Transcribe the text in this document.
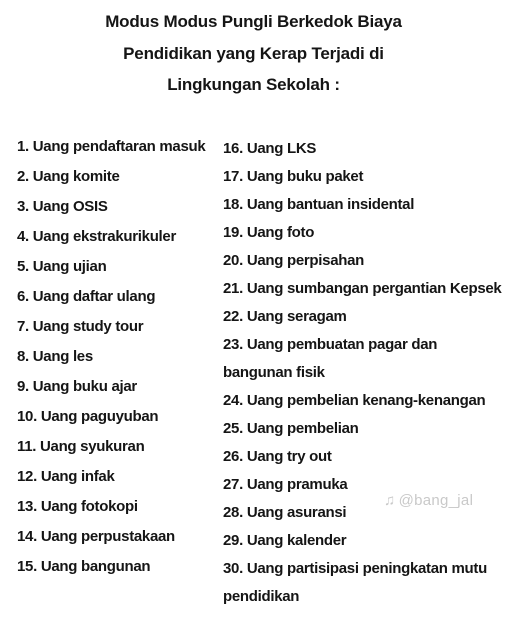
Modus Modus Pungli Berkedok Biaya
Pendidikan yang Kerap Terjadi di
Lingkungan Sekolah :
1. Uang pendaftaran masuk
2. Uang komite
3. Uang OSIS
4. Uang ekstrakurikuler
5. Uang ujian
6. Uang daftar ulang
7. Uang study tour
8. Uang les
9. Uang buku ajar
10. Uang paguyuban
11. Uang syukuran
12. Uang infak
13. Uang fotokopi
14. Uang perpustakaan
15. Uang bangunan
16. Uang LKS
17. Uang buku paket
18. Uang bantuan insidental
19. Uang foto
20. Uang perpisahan
21. Uang sumbangan pergantian Kepsek
22. Uang seragam
23. Uang pembuatan pagar dan bangunan fisik
24. Uang pembelian kenang-kenangan
25. Uang pembelian
26. Uang try out
27. Uang pramuka
28. Uang asuransi
29. Uang kalender
30. Uang partisipasi peningkatan mutu pendidikan
♫ @bang_jal
